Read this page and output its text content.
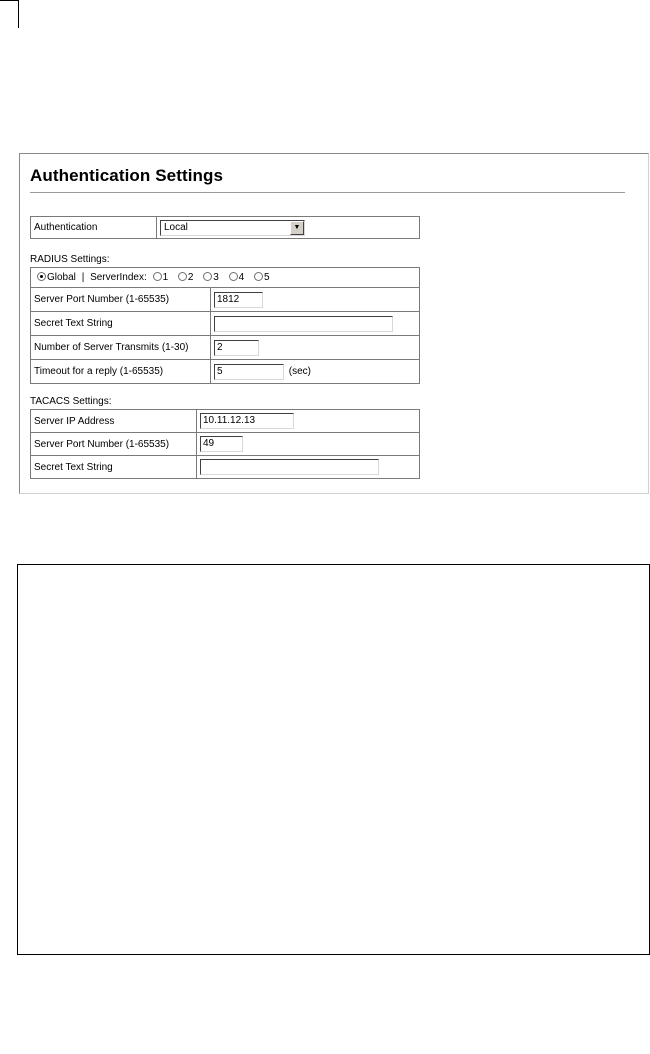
Authentication Settings
Authentication	Local	▼
RADIUS Settings:
Global | ServerIndex: 1 2 3 4 5	
Server Port Number (1-65535)	1812
Secret Text String	
Number of Server Transmits (1-30)	2
Timeout for a reply (1-65535)	5 (sec)
TACACS Settings:
Server IP Address	10.11.12.13
Server Port Number (1-65535)	49
Secret Text String	
